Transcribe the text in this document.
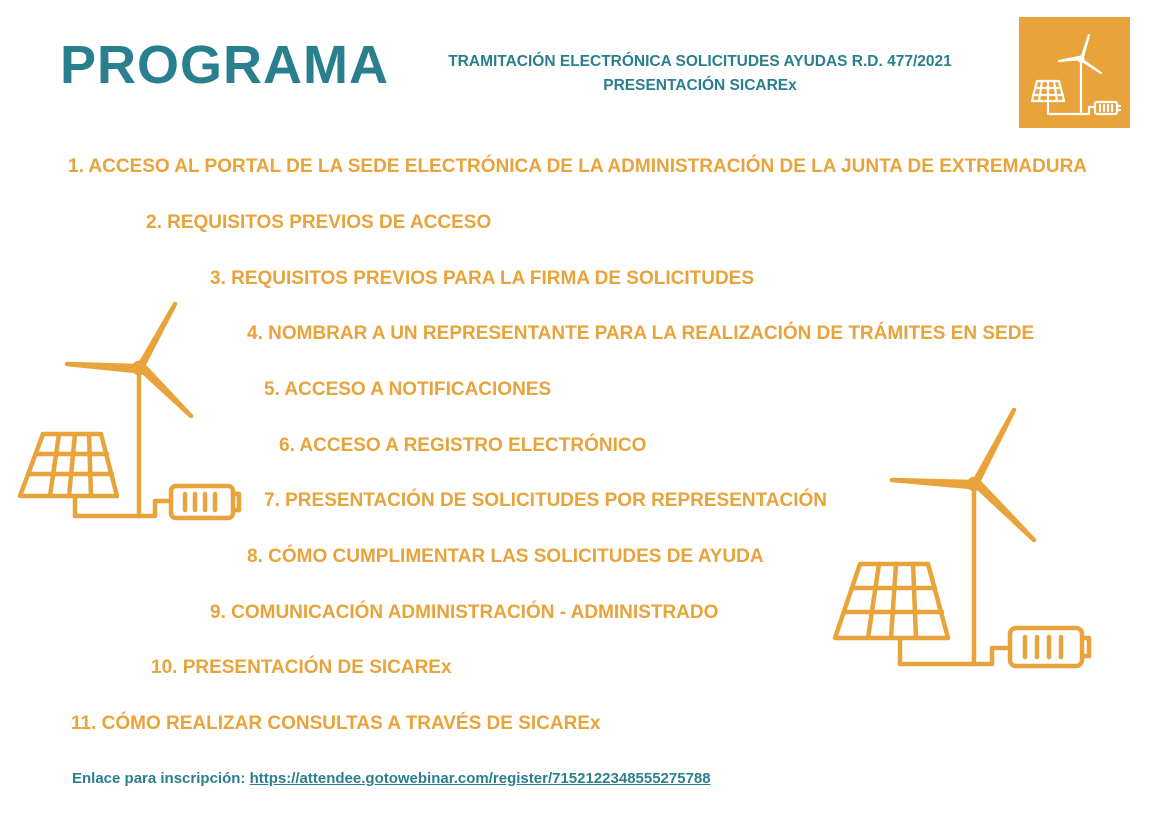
PROGRAMA	TRAMITACIÓN ELECTRÓNICA SOLICITUDES AYUDAS R.D. 477/2021
PRESENTACIÓN SICAREx
1. ACCESO AL PORTAL DE LA SEDE ELECTRÓNICA DE LA ADMINISTRACIÓN DE LA JUNTA DE EXTREMADURA
2. REQUISITOS PREVIOS DE ACCESO
3. REQUISITOS PREVIOS PARA LA FIRMA DE SOLICITUDES
4. NOMBRAR A UN REPRESENTANTE PARA LA REALIZACIÓN DE TRÁMITES EN SEDE
5. ACCESO A NOTIFICACIONES
6. ACCESO A REGISTRO ELECTRÓNICO
7. PRESENTACIÓN DE SOLICITUDES POR REPRESENTACIÓN
8. CÓMO CUMPLIMENTAR LAS SOLICITUDES DE AYUDA
9. COMUNICACIÓN ADMINISTRACIÓN - ADMINISTRADO
10. PRESENTACIÓN DE SICAREx
11. CÓMO REALIZAR CONSULTAS A TRAVÉS DE SICAREx
Enlace para inscripción: https://attendee.gotowebinar.com/register/7152122348555275788
